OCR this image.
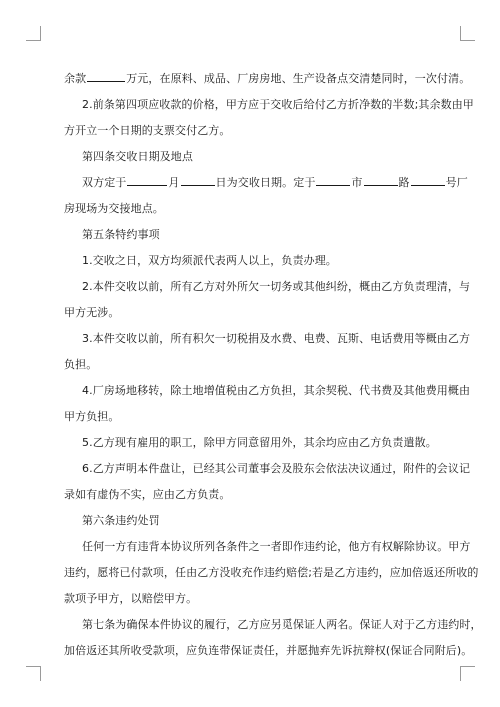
余款	万元，在原料、成品、厂房房地、生产设备点交清楚同时，一次付清。
2.前条第四项应收款的价格，甲方应于交收后给付乙方折净数的半数;其余数由甲
方开立一个日期的支票交付乙方。
第四条交收日期及地点
双方定于	月	日为交收日期。定于	市	路	号厂
房现场为交接地点。
第五条特约事项
1.交收之日，双方均须派代表两人以上，负责办理。
2.本件交收以前，所有乙方对外所欠一切务或其他纠纷，概由乙方负责理清，与
甲方无涉。
3.本件交收以前，所有积欠一切税捐及水费、电费、瓦斯、电话费用等概由乙方
负担。
4.厂房场地移转，除土地增值税由乙方负担，其余契税、代书费及其他费用概由
甲方负担。
5.乙方现有雇用的职工，除甲方同意留用外，其余均应由乙方负责遣散。
6.乙方声明本件盘让，已经其公司董事会及股东会依法决议通过，附件的会议记
录如有虚伪不实，应由乙方负责。
第六条违约处罚
任何一方有违背本协议所列各条件之一者即作违约论，他方有权解除协议。甲方
违约，愿将已付款项，任由乙方没收充作违约赔偿;若是乙方违约，应加倍返还所收的
款项予甲方，以赔偿甲方。
第七条为确保本件协议的履行，乙方应另觅保证人两名。保证人对于乙方违约时，
加倍返还其所收受款项，应负连带保证责任，并愿抛弃先诉抗辩权(保证合同附后)。
